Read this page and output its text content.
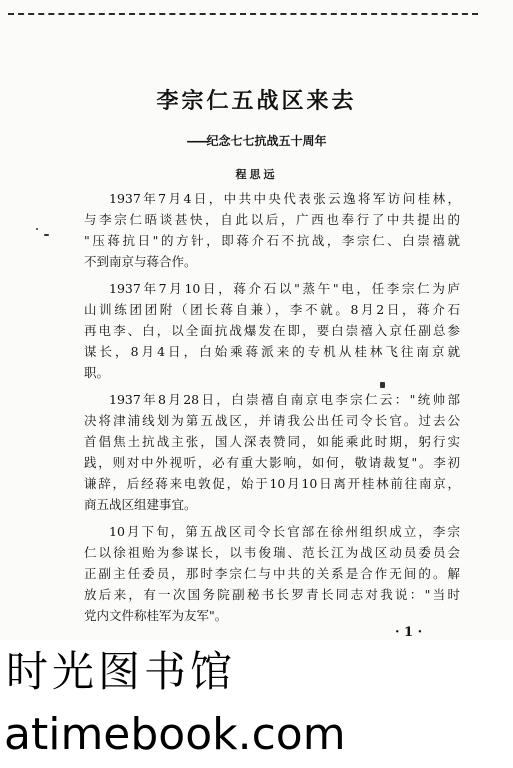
李宗仁五战区来去
——纪念七七抗战五十周年
程思远
1937年7月4日，中共中央代表张云逸将军访问桂林，
与李宗仁晤谈甚快，自此以后，广西也奉行了中共提出的
"压蒋抗日"的方针，即蒋介石不抗战，李宗仁、白崇禧就
不到南京与蒋合作。
1937年7月10日，蒋介石以"蒸午"电，任李宗仁为庐
山训练团团附（团长蒋自兼），李不就。8月2日，蒋介石
再电李、白，以全面抗战爆发在即，要白崇禧入京任副总参
谋长，8月4日，白始乘蒋派来的专机从桂林飞往南京就
职。
1937年8月28日，白崇禧自南京电李宗仁云："统帅部
决将津浦线划为第五战区，并请我公出任司令长官。过去公
首倡焦土抗战主张，国人深表赞同，如能乘此时期，躬行实
践，则对中外视听，必有重大影响，如何，敬请裁复"。李初
谦辞，后经蒋来电敦促，始于10月10日离开桂林前往南京，
商五战区组建事宜。
10月下旬，第五战区司令长官部在徐州组织成立，李宗
仁以徐祖贻为参谋长，以韦俊瑞、范长江为战区动员委员会
正副主任委员，那时李宗仁与中共的关系是合作无间的。解
放后来，有一次国务院副秘书长罗青长同志对我说："当时
党内文件称桂军为友军"。
· 1 ·
时光图书馆
atimebook.com
